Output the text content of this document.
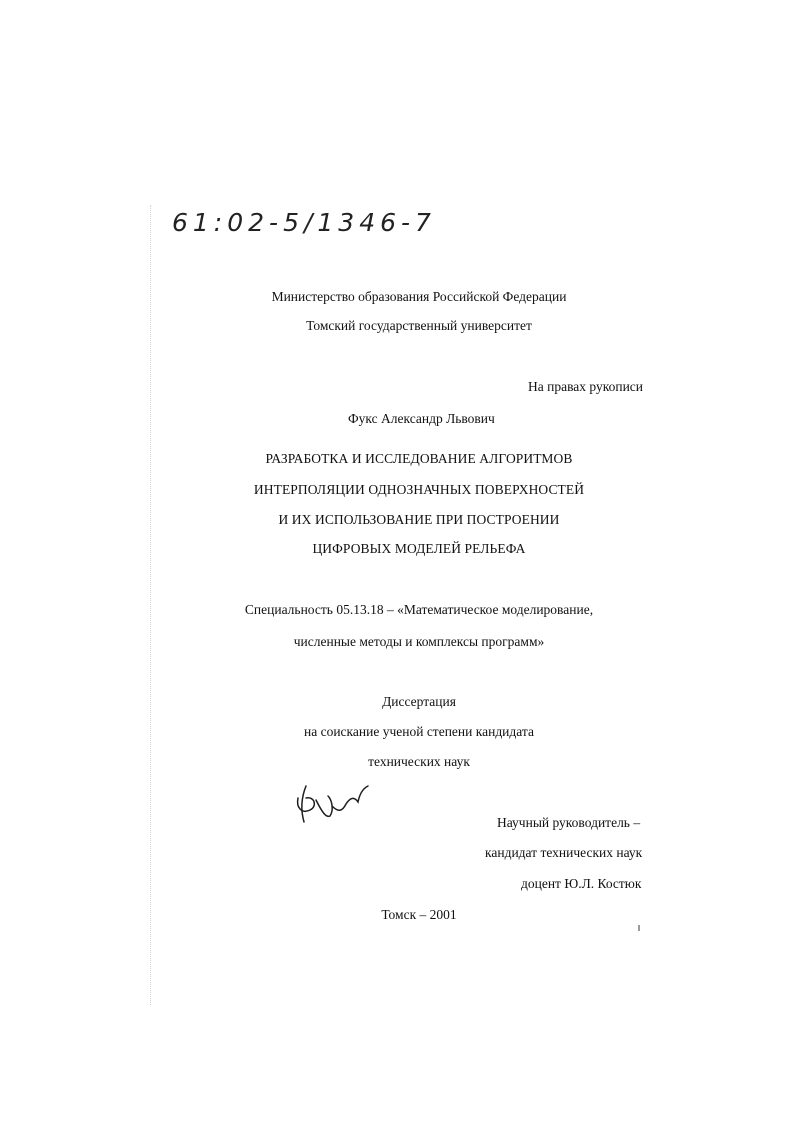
61:02-5/1346-7
Министерство образования Российской Федерации
Томский государственный университет
На правах рукописи
Фукс Александр Львович
РАЗРАБОТКА И ИССЛЕДОВАНИЕ АЛГОРИТМОВ
ИНТЕРПОЛЯЦИИ ОДНОЗНАЧНЫХ ПОВЕРХНОСТЕЙ
И ИХ ИСПОЛЬЗОВАНИЕ ПРИ ПОСТРОЕНИИ
ЦИФРОВЫХ МОДЕЛЕЙ РЕЛЬЕФА
Специальность 05.13.18 – «Математическое моделирование,
численные методы и комплексы программ»
Диссертация
на соискание ученой степени кандидата
технических наук
Научный руководитель –
кандидат технических наук
доцент Ю.Л. Костюк
Томск – 2001
